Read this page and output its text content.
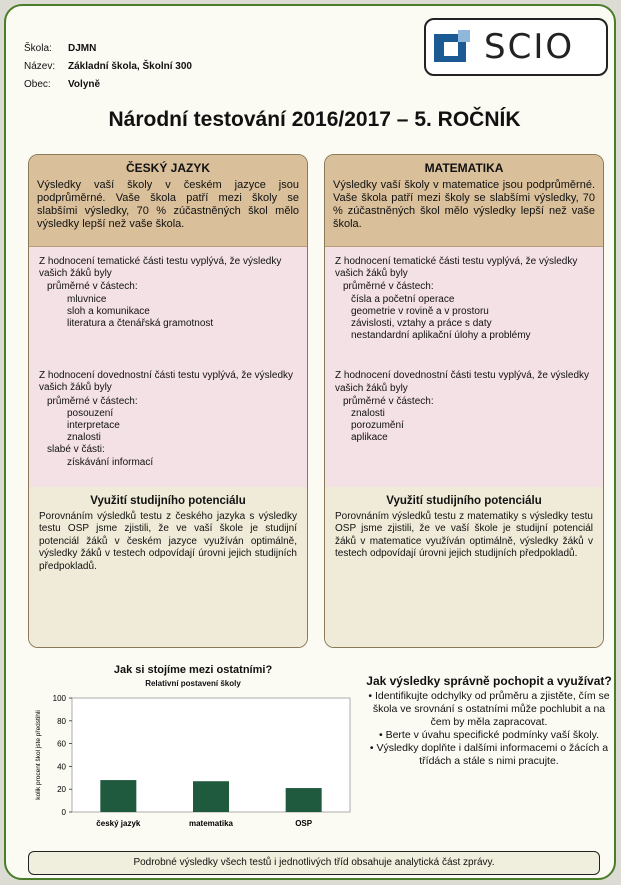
Škola:	DJMN
Název:	Základní škola, Školní 300
Obec:	Volyně
SCIO
Národní testování 2016/2017 – 5. ROČNÍK
ČESKÝ JAZYK
Výsledky vaší školy v českém jazyce jsou podprůměrné. Vaše škola patří mezi školy se slabšími výsledky, 70 % zúčastněných škol mělo výsledky lepší než vaše škola.
Z hodnocení tematické části testu vyplývá, že výsledky vašich žáků byly
průměrné v částech:
mluvnice
sloh a komunikace
literatura a čtenářská gramotnost
Z hodnocení dovednostní části testu vyplývá, že výsledky vašich žáků byly
průměrné v částech:
posouzení
interpretace
znalosti
slabé v části:
získávání informací
Využití studijního potenciálu
Porovnáním výsledků testu z českého jazyka s výsledky testu OSP jsme zjistili, že ve vaší škole je studijní potenciál žáků v českém jazyce využíván optimálně, výsledky žáků v testech odpovídají úrovni jejich studijních předpokladů.
MATEMATIKA
Výsledky vaší školy v matematice jsou podprůměrné. Vaše škola patří mezi školy se slabšími výsledky, 70 % zúčastněných škol mělo výsledky lepší než vaše škola.
Z hodnocení tematické části testu vyplývá, že výsledky vašich žáků byly
průměrné v částech:
čísla a početní operace
geometrie v rovině a v prostoru
závislosti, vztahy a práce s daty
nestandardní aplikační úlohy a problémy
Z hodnocení dovednostní části testu vyplývá, že výsledky vašich žáků byly
průměrné v částech:
znalosti
porozumění
aplikace
Využití studijního potenciálu
Porovnáním výsledků testu z matematiky s výsledky testu OSP jsme zjistili, že ve vaší škole je studijní potenciál žáků v matematice využíván optimálně, výsledky žáků v testech odpovídají úrovni jejich studijních předpokladů.
Jak si stojíme mezi ostatními?
Relativní postavení školy
0
20
40
60
80
100
kolik procent škol jste předstihli
český jazyk	matematika	OSP
Jak výsledky správně pochopit a využívat?
• Identifikujte odchylky od průměru a zjistěte, čím se škola ve srovnání s ostatními může pochlubit a na čem by měla zapracovat.
• Berte v úvahu specifické podmínky vaší školy.
• Výsledky doplňte i dalšími informacemi o žácích a třídách a stále s nimi pracujte.
Podrobné výsledky všech testů i jednotlivých tříd obsahuje analytická část zprávy.
